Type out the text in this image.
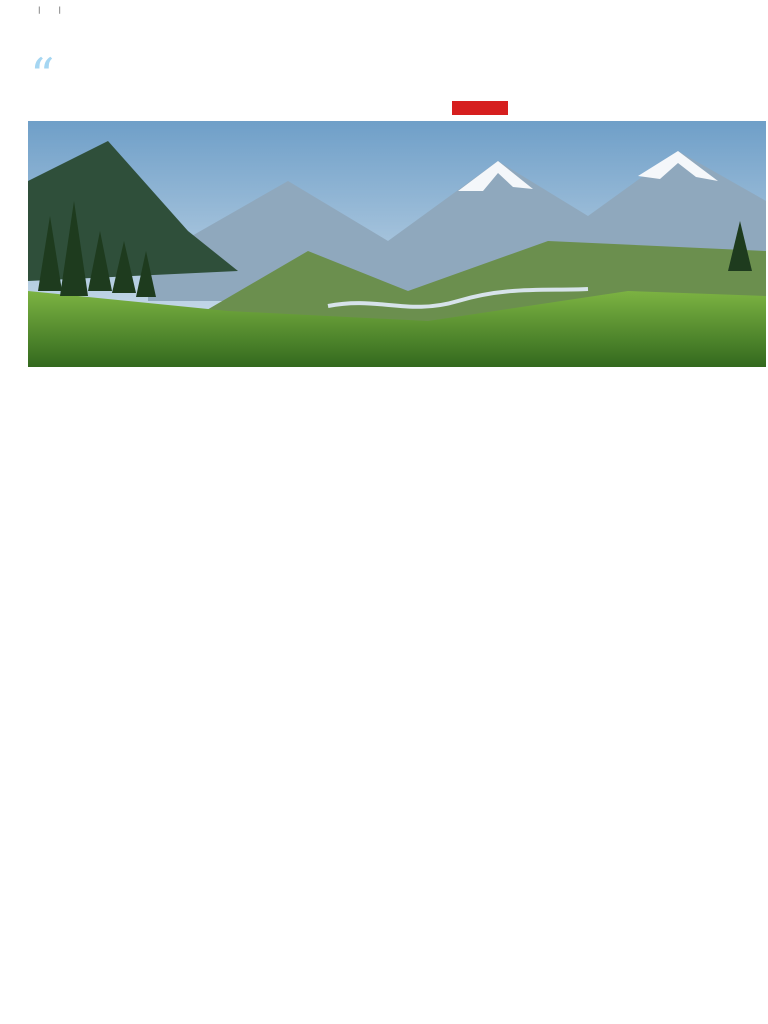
|	|
“
